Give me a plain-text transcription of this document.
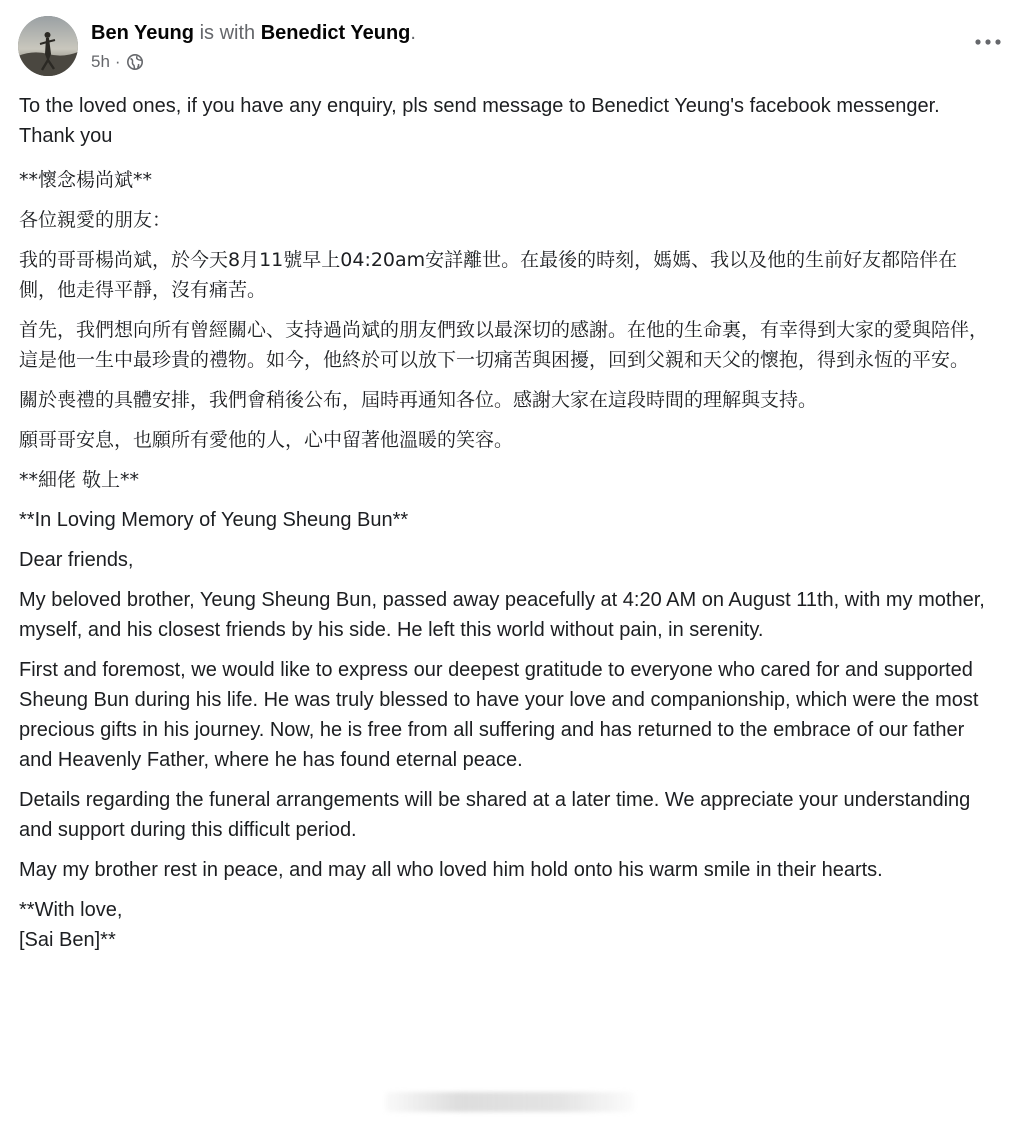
Ben Yeung is with Benedict Yeung.
5h ·

To the loved ones, if you have any enquiry, pls send message to Benedict Yeung's facebook messenger. Thank you

**懷念楊尚斌**

各位親愛的朋友：

我的哥哥楊尚斌，於今天8月11號早上04:20am安詳離世。在最後的時刻，媽媽、我以及他的生前好友都陪伴在側，他走得平靜，沒有痛苦。

首先，我們想向所有曾經關心、支持過尚斌的朋友們致以最深切的感謝。在他的生命裏，有幸得到大家的愛與陪伴，這是他一生中最珍貴的禮物。如今，他終於可以放下一切痛苦與困擾，回到父親和天父的懷抱，得到永恆的平安。

關於喪禮的具體安排，我們會稍後公布，屆時再通知各位。感謝大家在這段時間的理解與支持。

願哥哥安息，也願所有愛他的人，心中留著他溫暖的笑容。

**細佬 敬上**

**In Loving Memory of Yeung Sheung Bun**

Dear friends,

My beloved brother, Yeung Sheung Bun, passed away peacefully at 4:20 AM on August 11th, with my mother, myself, and his closest friends by his side. He left this world without pain, in serenity.

First and foremost, we would like to express our deepest gratitude to everyone who cared for and supported Sheung Bun during his life. He was truly blessed to have your love and companionship, which were the most precious gifts in his journey. Now, he is free from all suffering and has returned to the embrace of our father and Heavenly Father, where he has found eternal peace.

Details regarding the funeral arrangements will be shared at a later time. We appreciate your understanding and support during this difficult period.

May my brother rest in peace, and may all who loved him hold onto his warm smile in their hearts.

**With love,
[Sai Ben]**
